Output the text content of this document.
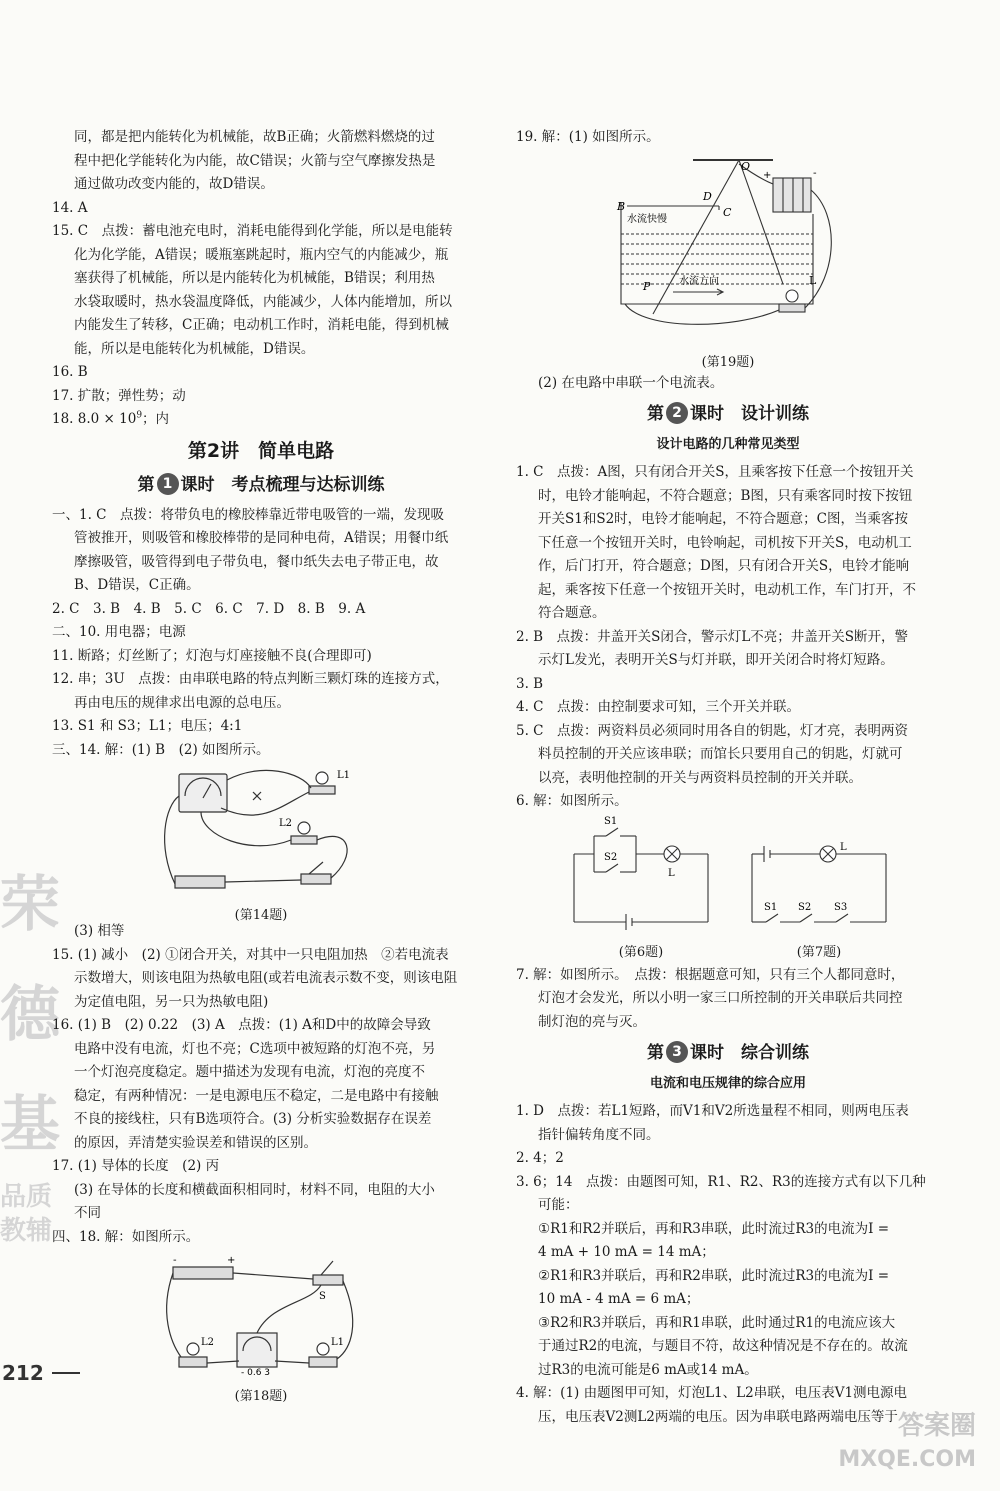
荣
德
基
品质
教辅

同，都是把内能转化为机械能，故B正确；火箭燃料燃烧的过

程中把化学能转化为内能，故C错误；火箭与空气摩擦发热是

通过做功改变内能的，故D错误。

14. A

15. C　点拨：蓄电池充电时，消耗电能得到化学能，所以是电能转

化为化学能，A错误；暖瓶塞跳起时，瓶内空气的内能减少，瓶

塞获得了机械能，所以是内能转化为机械能，B错误；利用热

水袋取暖时，热水袋温度降低，内能减少，人体内能增加，所以

内能发生了转移，C正确；电动机工作时，消耗电能，得到机械

能，所以是电能转化为机械能，D错误。

16. B

17. 扩散；弹性势；动

18. $8.0 \times 10^9$；内

第2讲　简单电路
第 1 课时　考点梳理与达标训练

一、1. C　点拨：将带负电的橡胶棒靠近带电吸管的一端，发现吸

管被推开，则吸管和橡胶棒带的是同种电荷，A错误；用餐巾纸

摩擦吸管，吸管得到电子带负电，餐巾纸失去电子带正电，故

B、D错误，C正确。

2. C　3. B　4. B　5. C　6. C　7. D　8. B　9. A

二、10. 用电器；电源

11. 断路；灯丝断了；灯泡与灯座接触不良(合理即可)

12. 串；3U　点拨：由串联电路的特点判断三颗灯珠的连接方式，

再由电压的规律求出电源的总电压。

13. S1 和 S3；L1；电压；4:1

三、14. 解：(1) B　(2) 如图所示。

L1
L2
(第14题)

(3) 相等

15. (1) 减小　(2) ①闭合开关，对其中一只电阻加热　②若电流表

示数增大，则该电阻为热敏电阻(或若电流表示数不变，则该电阻

为定值电阻，另一只为热敏电阻)

16. (1) B　(2) 0.22　(3) A　点拨：(1) A和D中的故障会导致

电路中没有电流，灯也不亮；C选项中被短路的灯泡不亮，另

一个灯泡亮度稳定。题中描述为发现有电流，灯泡的亮度不

稳定，有两种情况：一是电源电压不稳定，二是电路中有接触

不良的接线柱，只有B选项符合。(3) 分析实验数据存在误差

的原因，弄清楚实验误差和错误的区别。

17. (1) 导体的长度　(2) 丙

(3) 在导体的长度和横截面积相同时，材料不同，电阻的大小

不同

四、18. 解：如图所示。

-	+
S
L2	L1
- 0.6 3
(第18题)

19. 解：(1) 如图所示。

O
B
D
C
P	L
水流快慢
水流方向
+	-
(第19题)

(2) 在电路中串联一个电流表。

第 2 课时　设计训练
设计电路的几种常见类型

1. C　点拨：A图，只有闭合开关S，且乘客按下任意一个按钮开关

时，电铃才能响起，不符合题意；B图，只有乘客同时按下按钮

开关S1和S2时，电铃才能响起，不符合题意；C图，当乘客按

下任意一个按钮开关时，电铃响起，司机按下开关S，电动机工

作，后门打开，符合题意；D图，只有闭合开关S，电铃才能响

起，乘客按下任意一个按钮开关时，电动机工作，车门打开，不

符合题意。

2. B　点拨：井盖开关S闭合，警示灯L不亮；井盖开关S断开，警

示灯L发光，表明开关S与灯并联，即开关闭合时将灯短路。

3. B

4. C　点拨：由控制要求可知，三个开关并联。

5. C　点拨：两资料员必须同时用各自的钥匙，灯才亮，表明两资

料员控制的开关应该串联；而馆长只要用自己的钥匙，灯就可

以亮，表明他控制的开关与两资料员控制的开关并联。

6. 解：如图所示。

S1
S2
L
(第6题)
L
S1 S2 S3
(第7题)

7. 解：如图所示。　点拨：根据题意可知，只有三个人都同意时，

灯泡才会发光，所以小明一家三口所控制的开关串联后共同控

制灯泡的亮与灭。

第 3 课时　综合训练
电流和电压规律的综合应用

1. D　点拨：若L1短路，而V1和V2所选量程不相同，则两电压表

指针偏转角度不同。

2. 4；2

3. 6；14　点拨：由题图可知，R1、R2、R3的连接方式有以下几种

可能：

①R1和R2并联后，再和R3串联，此时流过R3的电流为I =

4 mA + 10 mA = 14 mA；

②R1和R3并联后，再和R2串联，此时流过R3的电流为I =

10 mA - 4 mA = 6 mA；

③R2和R3并联后，再和R1串联，此时通过R1的电流应该大

于通过R2的电流，与题目不符，故这种情况是不存在的。故流

过R3的电流可能是6 mA或14 mA。

4. 解：(1) 由题图甲可知，灯泡L1、L2串联，电压表V1测电源电

压，电压表V2测L2两端的电压。因为串联电路两端电压等于

212
答案圈
MXQE.COM
